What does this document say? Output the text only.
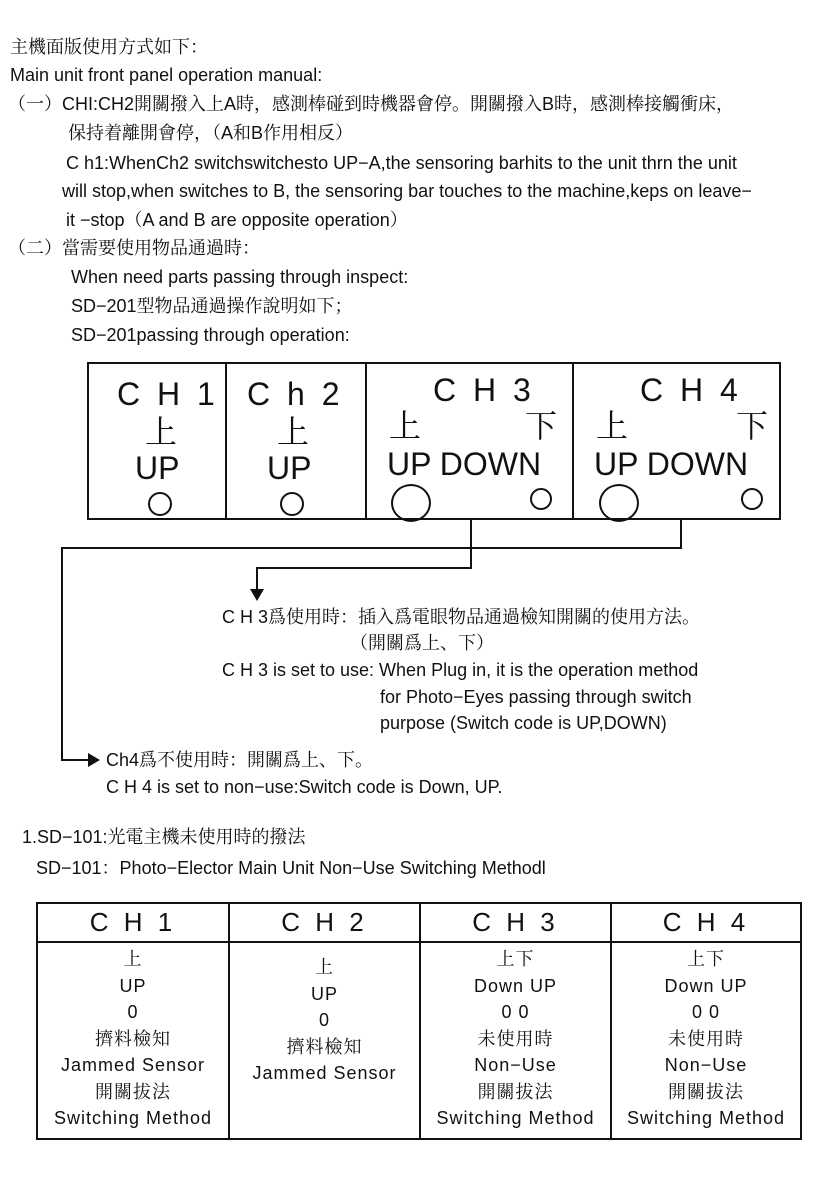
主機面版使用方式如下：
Main unit front panel operation manual:
（一）CHI:CH2開關撥入上A時，感測棒碰到時機器會停。開關撥入B時，感測棒接觸衝床，
保持着離開會停，（A和B作用相反）
C h1:WhenCh2 switchswitchesto UP−A,the sensoring barhits to the unit thrn the unit
will stop,when switches to B, the sensoring bar touches to the machine,keps on leave−
it −stop（A and B are opposite operation）
（二）當需要使用物品通過時：
When need parts passing through inspect:
SD−201型物品通過操作說明如下；
SD−201passing through operation:
C H 1
上
UP
C h 2
上
UP
C H 3
上	下
UP DOWN
C H 4
上	下
UP DOWN
C H 3爲使用時：插入爲電眼物品通過檢知開關的使用方法。
（開關爲上、下）
C H 3 is set to use: When Plug in, it is the operation method
for Photo−Eyes passing through switch
purpose (Switch code is UP,DOWN)
Ch4爲不使用時：開關爲上、下。
C H 4 is set to non−use:Switch code is Down, UP.
1.SD−101:光電主機未使用時的撥法
SD−101：Photo−Elector Main Unit Non−Use Switching Methodl
C H 1
上
UP
0
擠料檢知
Jammed Sensor
開關拔法
Switching Method
C H 2
上
UP
0
擠料檢知
Jammed Sensor
C H 3
上下
Down UP
0 0
未使用時
Non−Use
開關拔法
Switching Method
C H 4
上下
Down UP
0 0
未使用時
Non−Use
開關拔法
Switching Method
